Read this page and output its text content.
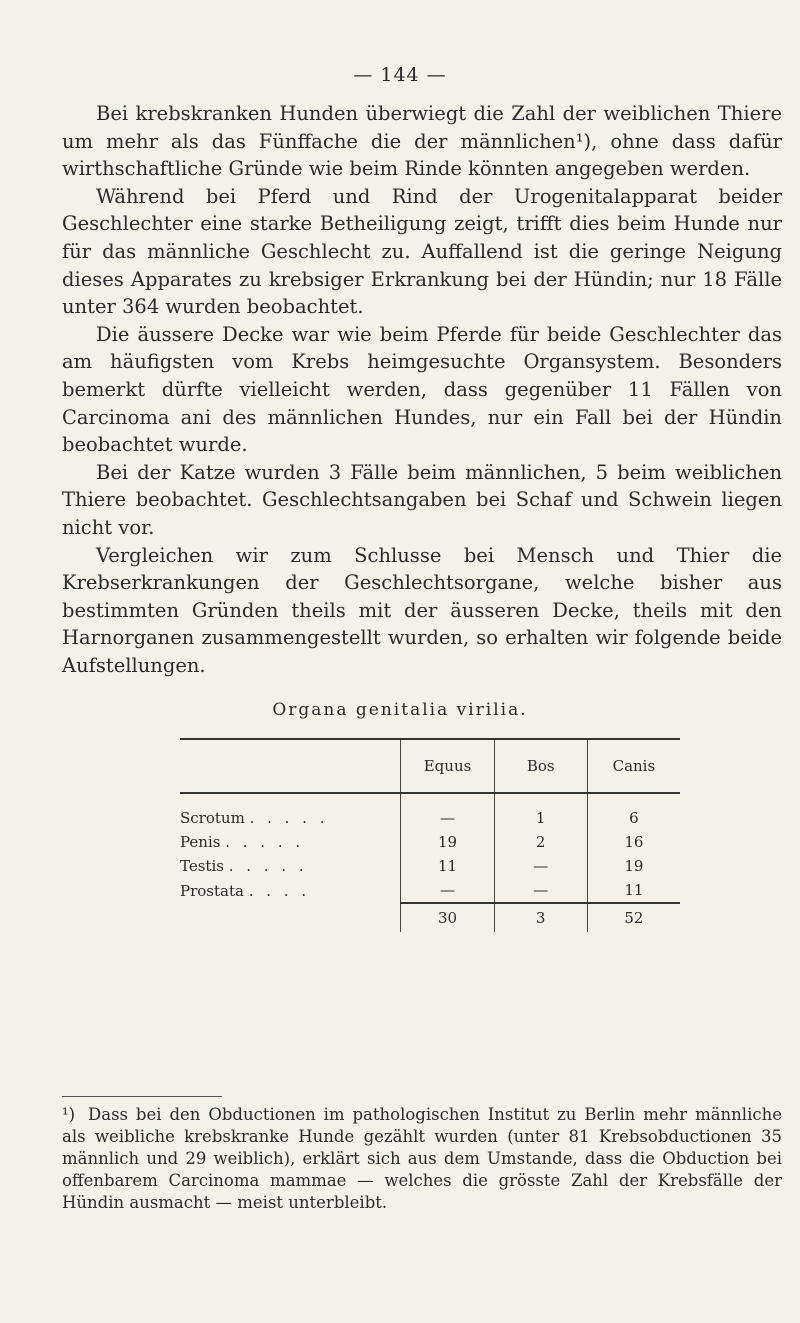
— 144 —

Bei krebskranken Hunden überwiegt die Zahl der weiblichen Thiere um mehr als das Fünffache die der männlichen¹), ohne dass dafür wirthschaftliche Gründe wie beim Rinde könnten angegeben werden.

Während bei Pferd und Rind der Urogenitalapparat beider Geschlechter eine starke Betheiligung zeigt, trifft dies beim Hunde nur für das männliche Geschlecht zu. Auffallend ist die geringe Neigung dieses Apparates zu krebsiger Erkrankung bei der Hündin; nur 18 Fälle unter 364 wurden beobachtet.

Die äussere Decke war wie beim Pferde für beide Geschlechter das am häufigsten vom Krebs heimgesuchte Organsystem. Besonders bemerkt dürfte vielleicht werden, dass gegenüber 11 Fällen von Carcinoma ani des männlichen Hundes, nur ein Fall bei der Hündin beobachtet wurde.

Bei der Katze wurden 3 Fälle beim männlichen, 5 beim weiblichen Thiere beobachtet. Geschlechtsangaben bei Schaf und Schwein liegen nicht vor.

Vergleichen wir zum Schlusse bei Mensch und Thier die Krebserkrankungen der Geschlechtsorgane, welche bisher aus bestimmten Gründen theils mit der äusseren Decke, theils mit den Harnorganen zusammengestellt wurden, so erhalten wir folgende beide Aufstellungen.

Organa genitalia virilia.
	Equus	Bos	Canis

Scrotum . . . . .	—	1	6
Penis . . . . .	19	2	16
Testis . . . . .	11	—	19
Prostata . . . .	—	—	11
	30	3	52
¹) Dass bei den Obductionen im pathologischen Institut zu Berlin mehr männliche als weibliche krebskranke Hunde gezählt wurden (unter 81 Krebsobductionen 35 männlich und 29 weiblich), erklärt sich aus dem Umstande, dass die Obduction bei offenbarem Carcinoma mammae — welches die grösste Zahl der Krebsfälle der Hündin ausmacht — meist unterbleibt.
